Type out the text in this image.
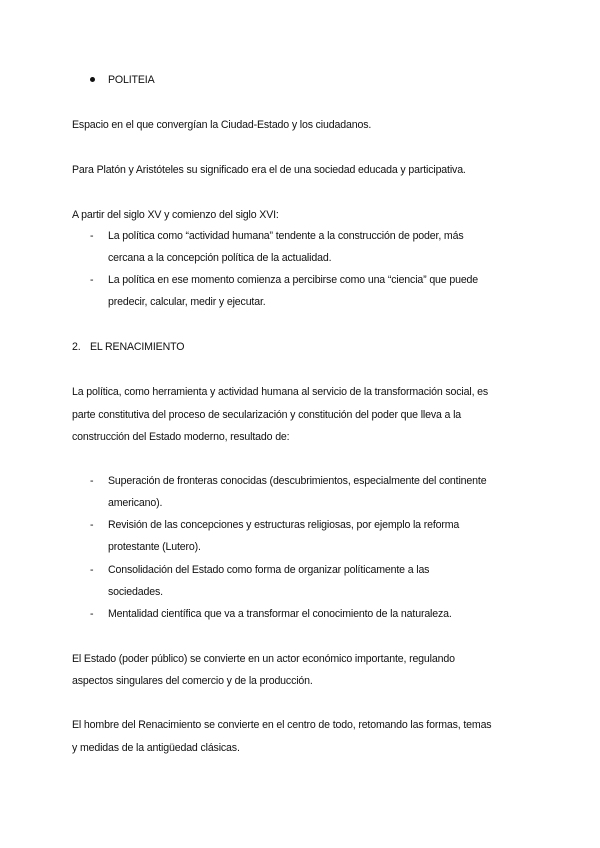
POLITEIA
Espacio en el que convergían la Ciudad-Estado y los ciudadanos.
Para Platón y Aristóteles su significado era el de una sociedad educada y participativa.
A partir del siglo XV y comienzo del siglo XVI:
- La política como “actividad humana” tendente a la construcción de poder, más
cercana a la concepción política de la actualidad.
- La política en ese momento comienza a percibirse como una “ciencia” que puede
predecir, calcular, medir y ejecutar.
2. EL RENACIMIENTO
La política, como herramienta y actividad humana al servicio de la transformación social, es
parte constitutiva del proceso de secularización y constitución del poder que lleva a la
construcción del Estado moderno, resultado de:
- Superación de fronteras conocidas (descubrimientos, especialmente del continente
americano).
- Revisión de las concepciones y estructuras religiosas, por ejemplo la reforma
protestante (Lutero).
- Consolidación del Estado como forma de organizar políticamente a las
sociedades.
- Mentalidad científica que va a transformar el conocimiento de la naturaleza.
El Estado (poder público) se convierte en un actor económico importante, regulando
aspectos singulares del comercio y de la producción.
El hombre del Renacimiento se convierte en el centro de todo, retomando las formas, temas
y medidas de la antigüedad clásicas.
